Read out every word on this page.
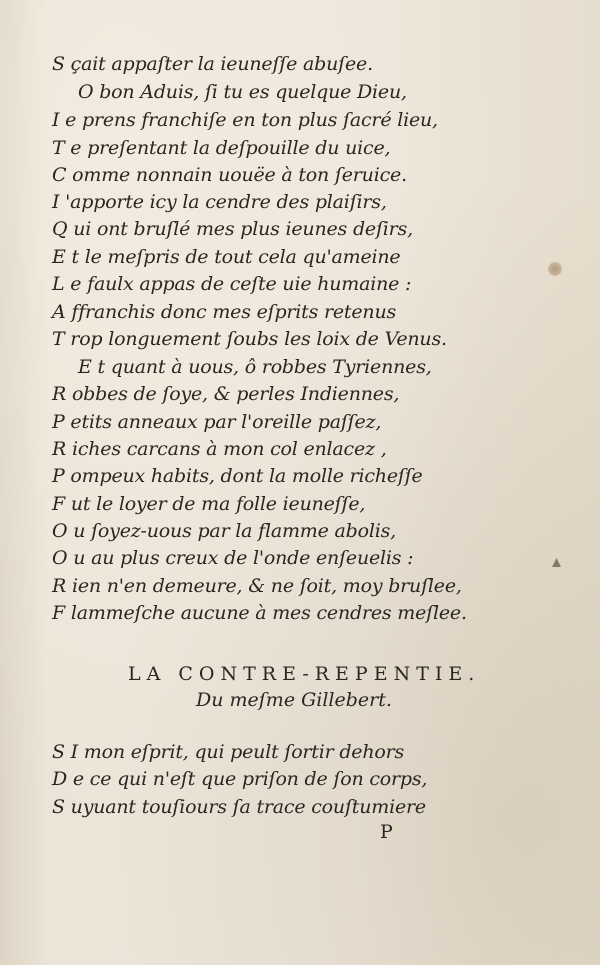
S çait appaſter la ieuneſſe abuſee.
O bon Aduis, ſi tu es quelque Dieu,
I e prens franchiſe en ton plus ſacré lieu,
T e preſentant la deſpouille du uice,
C omme nonnain uouëe à ton ſeruice.
I 'apporte icy la cendre des plaiſirs,
Q ui ont bruſlé mes plus ieunes deſirs,
E t le meſpris de tout cela qu'ameine
L e faulx appas de ceſte uie humaine :
A ffranchis donc mes eſprits retenus
T rop longuement ſoubs les loix de Venus.
E t quant à uous, ô robbes Tyriennes,
R obbes de ſoye, & perles Indiennes,
P etits anneaux par l'oreille paſſez,
R iches carcans à mon col enlacez ,
P ompeux habits, dont la molle richeſſe
F ut le loyer de ma folle ieuneſſe,
O u ſoyez-uous par la flamme abolis,
O u au plus creux de l'onde enſeuelis :
R ien n'en demeure, & ne ſoit, moy bruſlee,
F lammeſche aucune à mes cendres meſlee.
LA CONTRE-REPENTIE.
Du meſme Gillebert.
S I mon eſprit, qui peult ſortir dehors
D e ce qui n'eſt que priſon de ſon corps,
S uyuant touſiours ſa trace couſtumiere
P
